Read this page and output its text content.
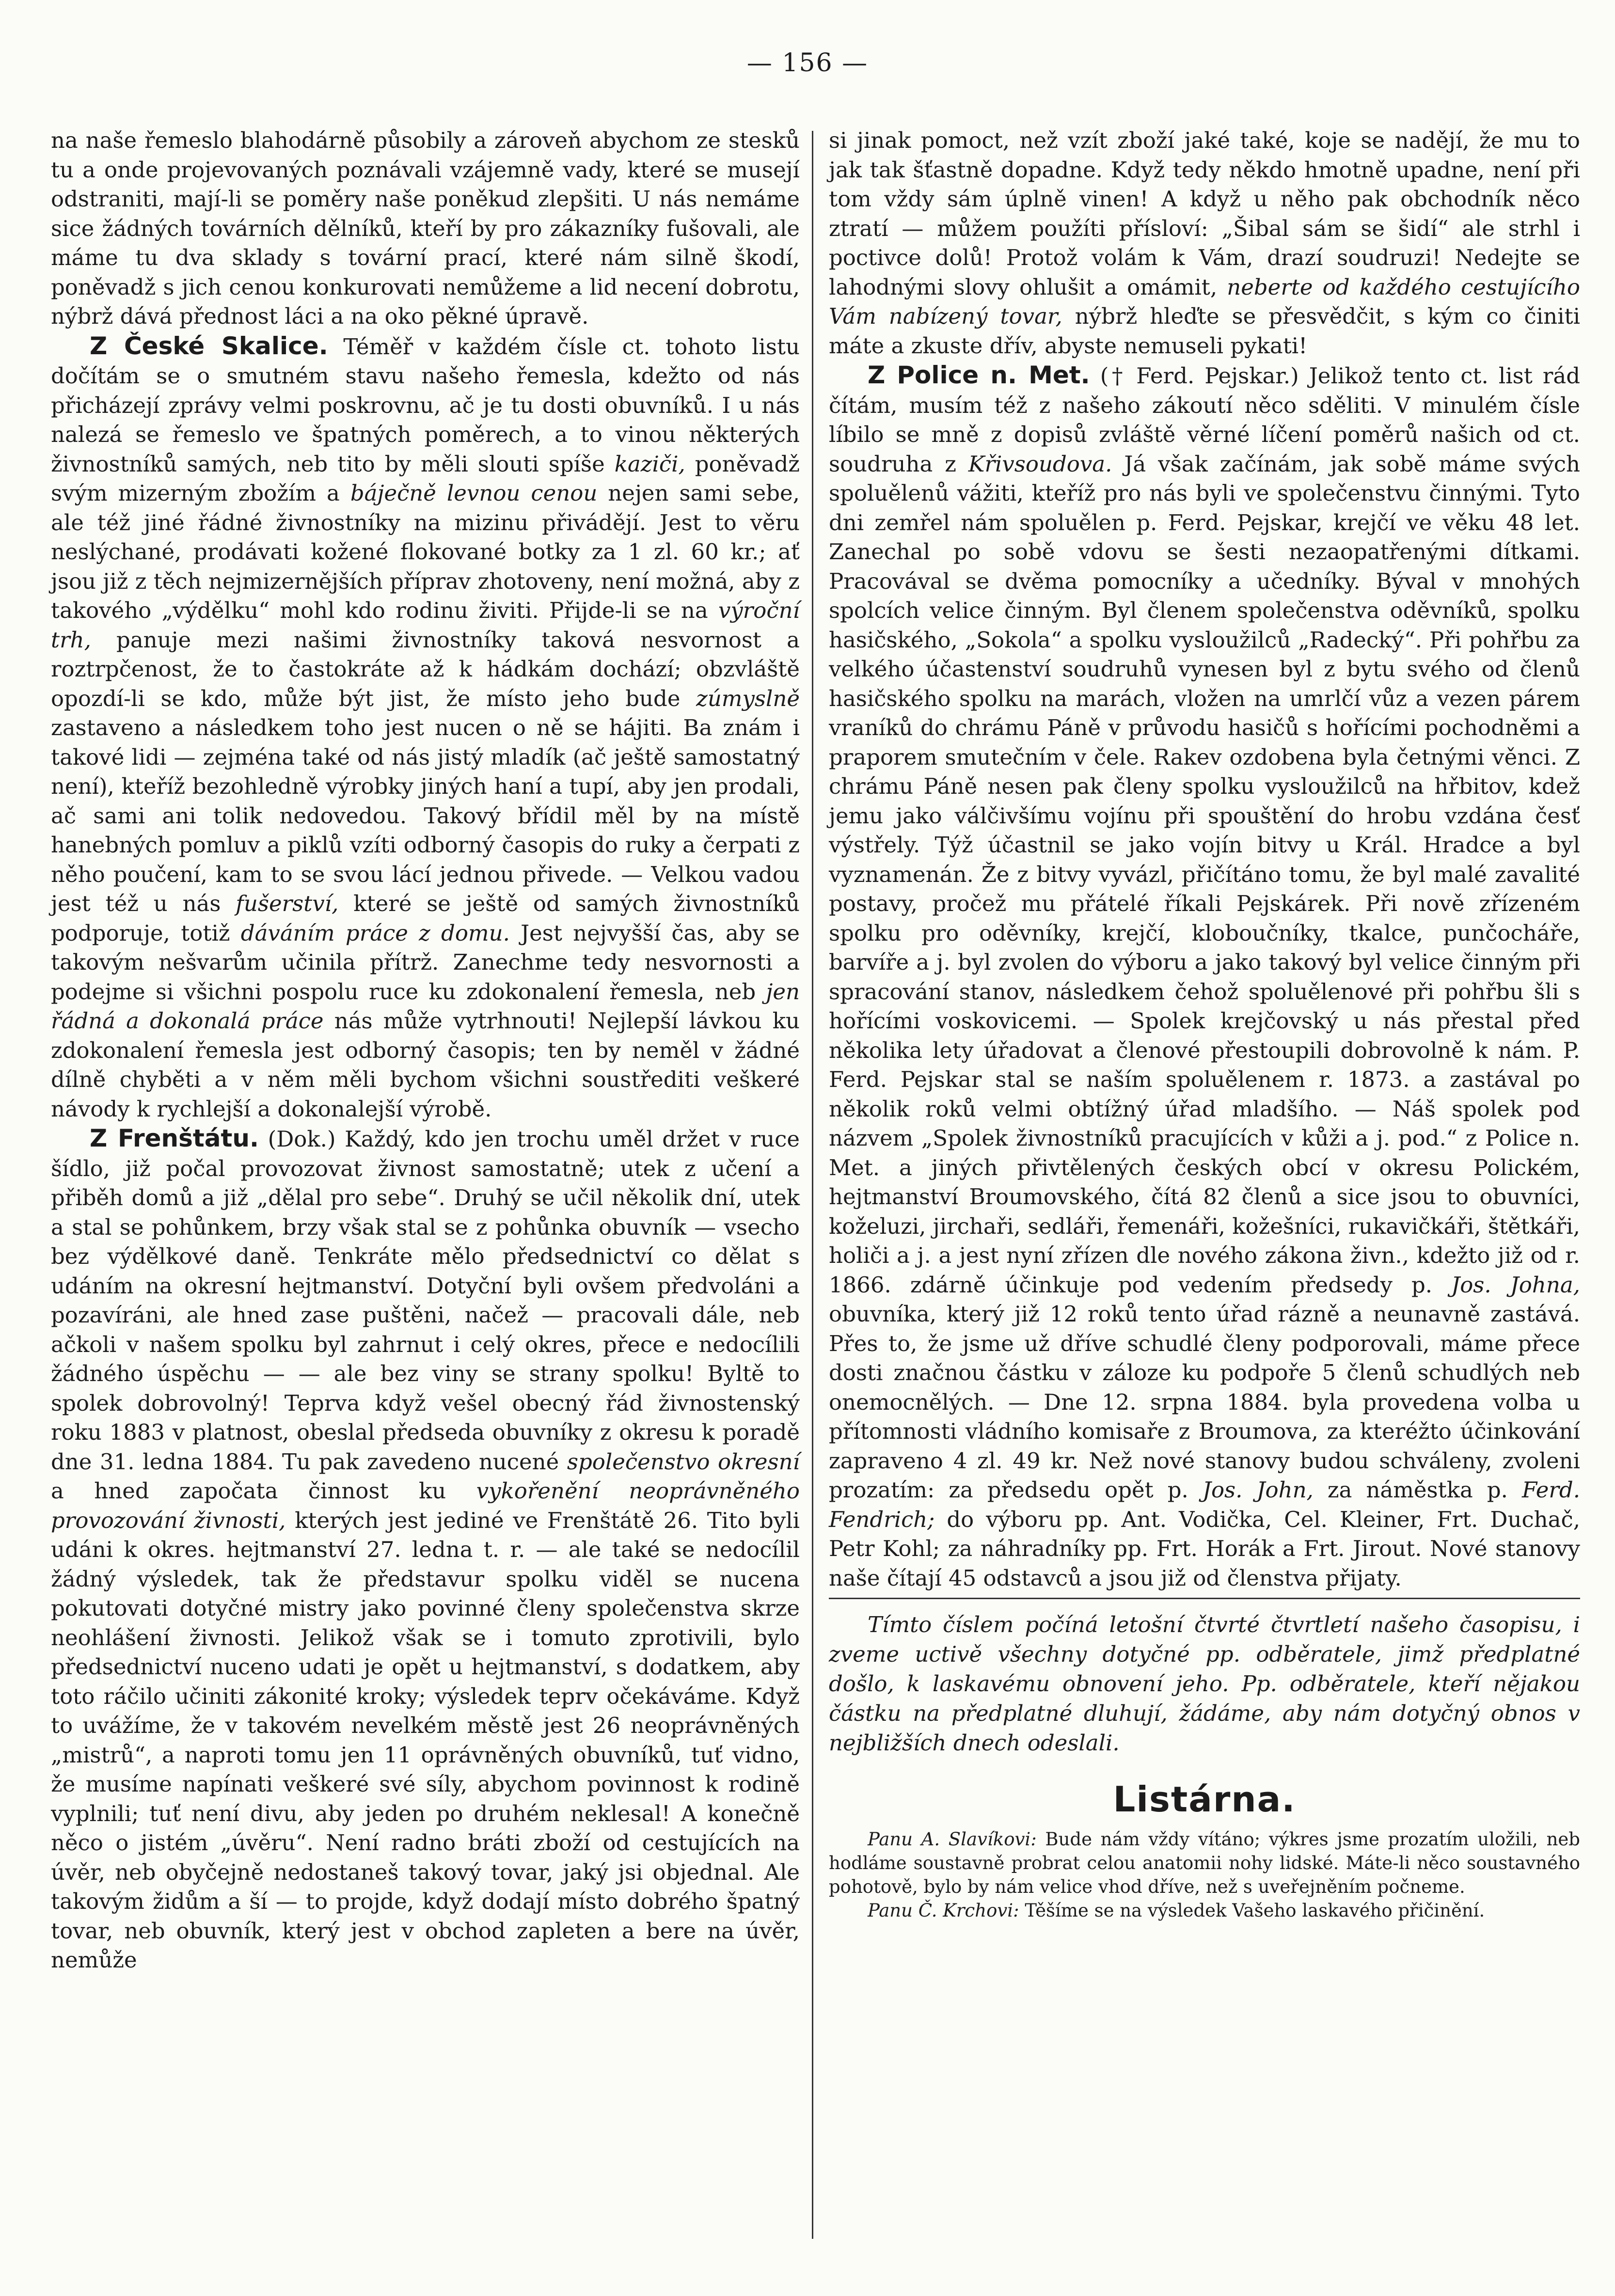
— 156 —

na naše řemeslo blahodárně působily a zároveň abychom ze stesků tu a onde projevovaných poznávali vzájemně vady, které se musejí odstraniti, mají-li se poměry naše poněkud zlepšiti. U nás nemáme sice žádných továrních dělníků, kteří by pro zákazníky fušovali, ale máme tu dva sklady s tovární prací, které nám silně škodí, poněvadž s jich cenou konkurovati nemůžeme a lid necení dobrotu, nýbrž dává přednost láci a na oko pěkné úpravě.

Z České Skalice. Téměř v každém čísle ct. tohoto listu dočítám se o smutném stavu našeho řemesla, kdežto od nás přicházejí zprávy velmi poskrovnu, ač je tu dosti obuvníků. I u nás nalezá se řemeslo ve špatných poměrech, a to vinou některých živnostníků samých, neb tito by měli slouti spíše kaziči, poněvadž svým mizerným zbožím a báječně levnou cenou nejen sami sebe, ale též jiné řádné živnostníky na mizinu přivádějí. Jest to věru neslýchané, prodávati kožené flokované botky za 1 zl. 60 kr.; ať jsou již z těch nejmizernějších příprav zhotoveny, není možná, aby z takového „výdělku“ mohl kdo rodinu živiti. Přijde-li se na výroční trh, panuje mezi našimi živnostníky taková nesvornost a roztrpčenost, že to častokráte až k hádkám dochází; obzvláště opozdí-li se kdo, může být jist, že místo jeho bude zúmyslně zastaveno a následkem toho jest nucen o ně se hájiti. Ba znám i takové lidi — zejména také od nás jistý mladík (ač ještě samostatný není), kteříž bezohledně výrobky jiných haní a tupí, aby jen prodali, ač sami ani tolik nedovedou. Takový břídil měl by na místě hanebných pomluv a piklů vzíti odborný časopis do ruky a čerpati z něho poučení, kam to se svou lácí jednou přivede. — Velkou vadou jest též u nás fušerství, které se ještě od samých živnostníků podporuje, totiž dáváním práce z domu. Jest nejvyšší čas, aby se takovým nešvarům učinila přítrž. Zanechme tedy nesvornosti a podejme si všichni pospolu ruce ku zdokonalení řemesla, neb jen řádná a dokonalá práce nás může vytrhnouti! Nejlepší lávkou ku zdokonalení řemesla jest odborný časopis; ten by neměl v žádné dílně chyběti a v něm měli bychom všichni soustřediti veškeré návody k rychlejší a dokonalejší výrobě.

Z Frenštátu. (Dok.) Každý, kdo jen trochu uměl držet v ruce šídlo, již počal provozovat živnost samostatně; utek z učení a přiběh domů a již „dělal pro sebe“. Druhý se učil několik dní, utek a stal se pohůnkem, brzy však stal se z pohůnka obuvník — vsecho bez výdělkové daně. Tenkráte mělo předsednictví co dělat s udáním na okresní hejtmanství. Dotyční byli ovšem předvoláni a pozavíráni, ale hned zase puštěni, načež — pracovali dále, neb ačkoli v našem spolku byl zahrnut i celý okres, přece e nedocílili žádného úspěchu — — ale bez viny se strany spolku! Byltě to spolek dobrovolný! Teprva když vešel obecný řád živnostenský roku 1883 v platnost, obeslal předseda obuvníky z okresu k poradě dne 31. ledna 1884. Tu pak zavedeno nucené společenstvo okresní a hned započata činnost ku vykořenění neoprávněného provozování živnosti, kterých jest jediné ve Frenštátě 26. Tito byli udáni k okres. hejtmanství 27. ledna t. r. — ale také se nedocílil žádný výsledek, tak že představur spolku viděl se nucena pokutovati dotyčné mistry jako povinné členy společenstva skrze neohlášení živnosti. Jelikož však se i tomuto zprotivili, bylo předsednictví nuceno udati je opět u hejtmanství, s dodatkem, aby toto ráčilo učiniti zákonité kroky; výsledek teprv očekáváme. Když to uvážíme, že v takovém nevelkém městě jest 26 neoprávněných „mistrů“, a naproti tomu jen 11 oprávněných obuvníků, tuť vidno, že musíme napínati veškeré své síly, abychom povinnost k rodině vyplnili; tuť není divu, aby jeden po druhém neklesal! A konečně něco o jistém „úvěru“. Není radno bráti zboží od cestujících na úvěr, neb obyčejně nedostaneš takový tovar, jaký jsi objednal. Ale takovým židům a ší — to projde, když dodají místo dobrého špatný tovar, neb obuvník, který jest v obchod zapleten a bere na úvěr, nemůže

si jinak pomoct, než vzít zboží jaké také, koje se nadějí, že mu to jak tak šťastně dopadne. Když tedy někdo hmotně upadne, není při tom vždy sám úplně vinen! A když u něho pak obchodník něco ztratí — můžem použíti přísloví: „Šibal sám se šidí“ ale strhl i poctivce dolů! Protož volám k Vám, drazí soudruzi! Nedejte se lahodnými slovy ohlušit a omámit, neberte od každého cestujícího Vám nabízený tovar, nýbrž hleďte se přesvědčit, s kým co činiti máte a zkuste dřív, abyste nemuseli pykati!

Z Police n. Met. († Ferd. Pejskar.) Jelikož tento ct. list rád čítám, musím též z našeho zákoutí něco sděliti. V minulém čísle líbilo se mně z dopisů zvláště věrné líčení poměrů našich od ct. soudruha z Křivsoudova. Já však začínám, jak sobě máme svých spoluělenů vážiti, kteříž pro nás byli ve společenstvu činnými. Tyto dni zemřel nám spoluělen p. Ferd. Pejskar, krejčí ve věku 48 let. Zanechal po sobě vdovu se šesti nezaopatřenými dítkami. Pracovával se dvěma pomocníky a učedníky. Býval v mnohých spolcích velice činným. Byl členem společenstva oděvníků, spolku hasičského, „Sokola“ a spolku vysloužilců „Radecký“. Při pohřbu za velkého účastenství soudruhů vynesen byl z bytu svého od členů hasičského spolku na marách, vložen na umrlčí vůz a vezen párem vraníků do chrámu Páně v průvodu hasičů s hořícími pochodněmi a praporem smutečním v čele. Rakev ozdobena byla četnými věnci. Z chrámu Páně nesen pak členy spolku vysloužilců na hřbitov, kdež jemu jako válčivšímu vojínu při spouštění do hrobu vzdána česť výstřely. Týž účastnil se jako vojín bitvy u Král. Hradce a byl vyznamenán. Že z bitvy vyvázl, přičítáno tomu, že byl malé zavalité postavy, pročež mu přátelé říkali Pejskárek. Při nově zřízeném spolku pro oděvníky, krejčí, kloboučníky, tkalce, punčocháře, barvíře a j. byl zvolen do výboru a jako takový byl velice činným při spracování stanov, následkem čehož spoluělenové při pohřbu šli s hořícími voskovicemi. — Spolek krejčovský u nás přestal před několika lety úřadovat a členové přestoupili dobrovolně k nám. P. Ferd. Pejskar stal se naším spoluělenem r. 1873. a zastával po několik roků velmi obtížný úřad mladšího. — Náš spolek pod názvem „Spolek živnostníků pracujících v kůži a j. pod.“ z Police n. Met. a jiných přivtělených českých obcí v okresu Polickém, hejtmanství Broumovského, čítá 82 členů a sice jsou to obuvníci, koželuzi, jirchaři, sedláři, řemenáři, kožešníci, rukavičkáři, štětkáři, holiči a j. a jest nyní zřízen dle nového zákona živn., kdežto již od r. 1866. zdárně účinkuje pod vedením předsedy p. Jos. Johna, obuvníka, který již 12 roků tento úřad rázně a neunavně zastává. Přes to, že jsme už dříve schudlé členy podporovali, máme přece dosti značnou částku v záloze ku podpoře 5 členů schudlých neb onemocnělých. — Dne 12. srpna 1884. byla provedena volba u přítomnosti vládního komisaře z Broumova, za kteréžto účinkování zapraveno 4 zl. 49 kr. Než nové stanovy budou schváleny, zvoleni prozatím: za předsedu opět p. Jos. John, za náměstka p. Ferd. Fendrich; do výboru pp. Ant. Vodička, Cel. Kleiner, Frt. Duchač, Petr Kohl; za náhradníky pp. Frt. Horák a Frt. Jirout. Nové stanovy naše čítají 45 odstavců a jsou již od členstva přijaty.

Tímto číslem počíná letošní čtvrté čtvrtletí našeho časopisu, i zveme uctivě všechny dotyčné pp. odběratele, jimž předplatné došlo, k laskavému obnovení jeho. Pp. odběratele, kteří nějakou částku na předplatné dluhují, žádáme, aby nám dotyčný obnos v nejbližších dnech odeslali.

Listárna.

Panu A. Slavíkovi: Bude nám vždy vítáno; výkres jsme prozatím uložili, neb hodláme soustavně probrat celou anatomii nohy lidské. Máte-li něco soustavného pohotově, bylo by nám velice vhod dříve, než s uveřejněním počneme.

Panu Č. Krchovi: Těšíme se na výsledek Vašeho laskavého přičinění.
